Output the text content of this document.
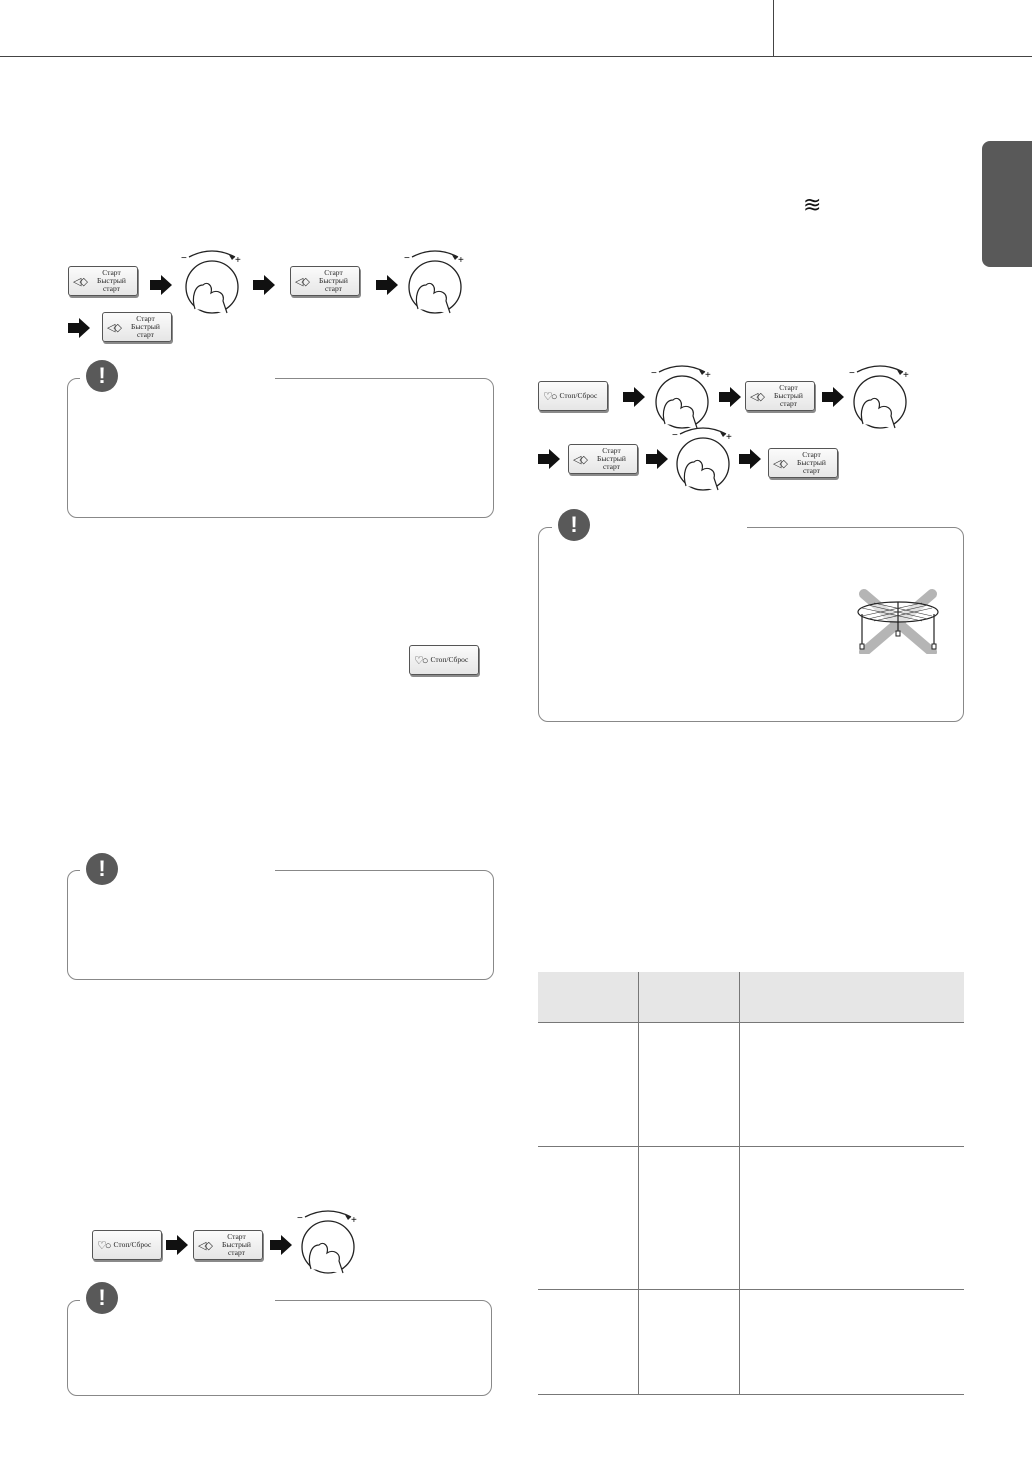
≋
◁◇
Старт
Быстрый старт
−	+
◁◇
Старт
Быстрый старт
−	+
◁◇
Старт
Быстрый старт
!
♡○ Стоп/Сброс
!
♡○ Стоп/Сброс	◁◇
Старт
Быстрый старт
−	+
!
♡○ Стоп/Сброс
−	+
◁◇
Старт
Быстрый старт
−	+
◁◇
Старт
Быстрый старт
−	+
◁◇
Старт
Быстрый старт
!
